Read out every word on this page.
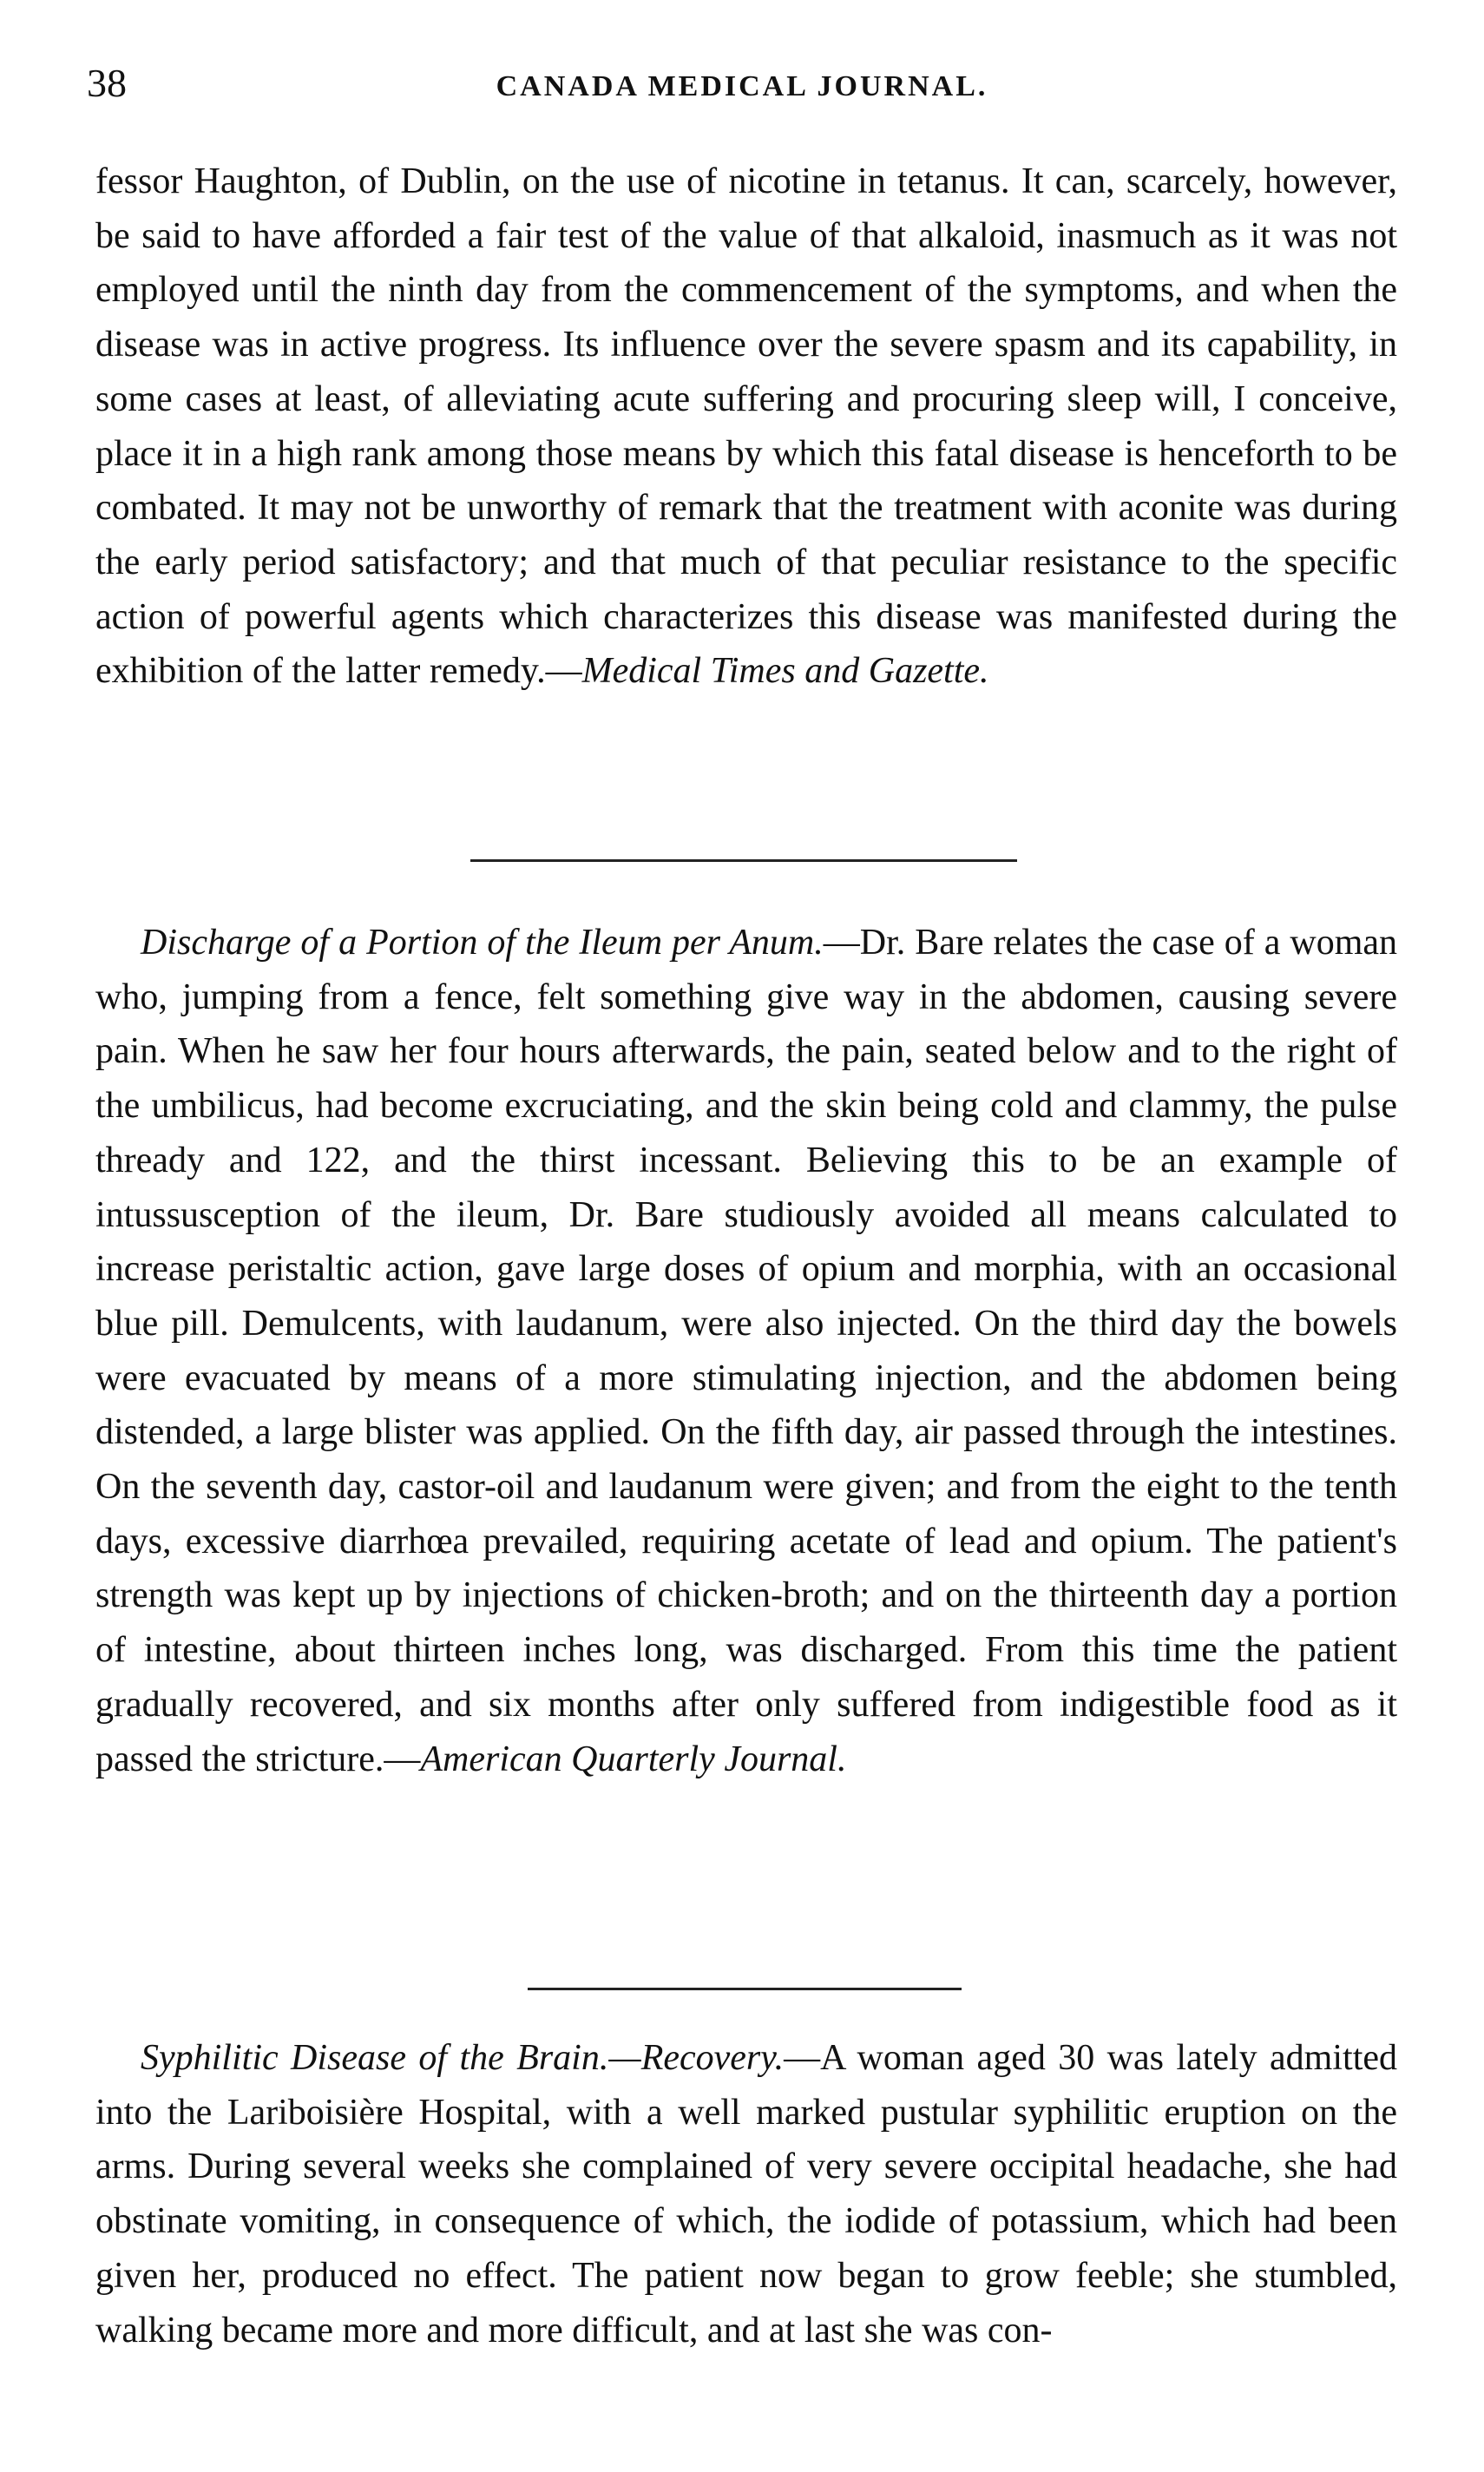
38	CANADA MEDICAL JOURNAL.

fessor Haughton, of Dublin, on the use of nicotine in tetanus. It can, scarcely, however, be said to have afforded a fair test of the value of that alkaloid, inasmuch as it was not employed until the ninth day from the commencement of the symptoms, and when the disease was in active progress. Its influence over the severe spasm and its capability, in some cases at least, of alleviating acute suffering and procuring sleep will, I conceive, place it in a high rank among those means by which this fatal disease is henceforth to be combated. It may not be unworthy of remark that the treatment with aconite was during the early period satisfactory; and that much of that peculiar resistance to the specific action of powerful agents which characterizes this disease was manifested during the exhibition of the latter remedy.—Medical Times and Gazette.

Discharge of a Portion of the Ileum per Anum.—Dr. Bare relates the case of a woman who, jumping from a fence, felt something give way in the abdomen, causing severe pain. When he saw her four hours afterwards, the pain, seated below and to the right of the umbilicus, had become excruciating, and the skin being cold and clammy, the pulse thready and 122, and the thirst incessant. Believing this to be an example of intussusception of the ileum, Dr. Bare studiously avoided all means calculated to increase peristaltic action, gave large doses of opium and morphia, with an occasional blue pill. Demulcents, with laudanum, were also injected. On the third day the bowels were evacuated by means of a more stimulating injection, and the abdomen being distended, a large blister was applied. On the fifth day, air passed through the intestines. On the seventh day, castor-oil and laudanum were given; and from the eight to the tenth days, excessive diarrhœa prevailed, requiring acetate of lead and opium. The patient's strength was kept up by injections of chicken-broth; and on the thirteenth day a portion of intestine, about thirteen inches long, was discharged. From this time the patient gradually recovered, and six months after only suffered from indigestible food as it passed the stricture.—American Quarterly Journal.

Syphilitic Disease of the Brain.—Recovery.—A woman aged 30 was lately admitted into the Lariboisière Hospital, with a well marked pustular syphilitic eruption on the arms. During several weeks she complained of very severe occipital headache, she had obstinate vomiting, in consequence of which, the iodide of potassium, which had been given her, produced no effect. The patient now began to grow feeble; she stumbled, walking became more and more difficult, and at last she was con-
